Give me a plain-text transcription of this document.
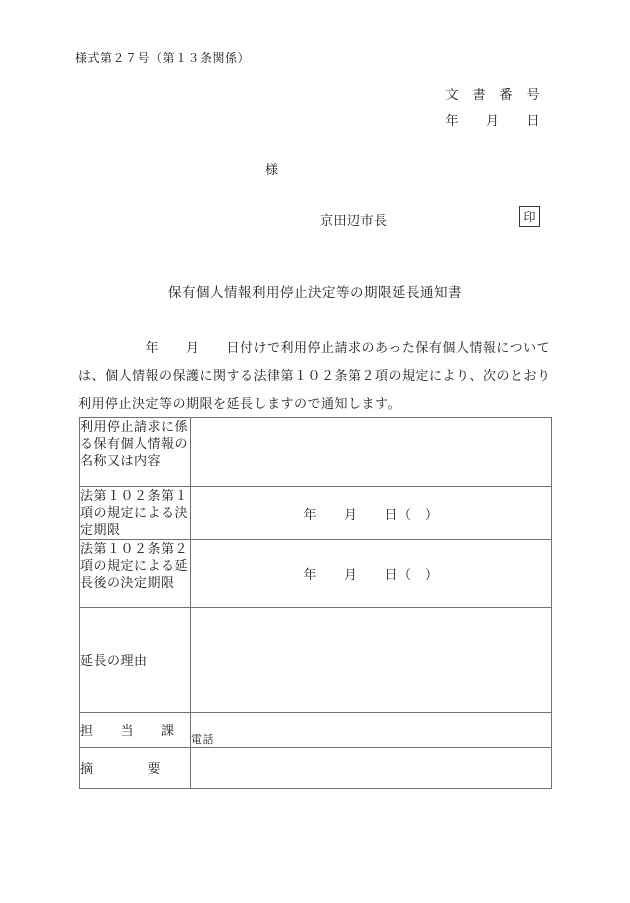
様式第２７号（第１３条関係）
文　書　番　号
年　　月　　日
様
京田辺市長	印
保有個人情報利用停止決定等の期限延長通知書
　　　　　年　　月　　日付けで利用停止請求のあった保有個人情報について
は、個人情報の保護に関する法律第１０２条第２項の規定により、次のとおり
利用停止決定等の期限を延長しますので通知します。
利用停止請求に係る保有個人情報の名称又は内容	
法第１０２条第１項の規定による決定期限	年　　月　　日（　）
法第１０２条第２項の規定による延長後の決定期限	年　　月　　日（　）
延長の理由	
担　　当　　課	電話
摘　　　　要	
